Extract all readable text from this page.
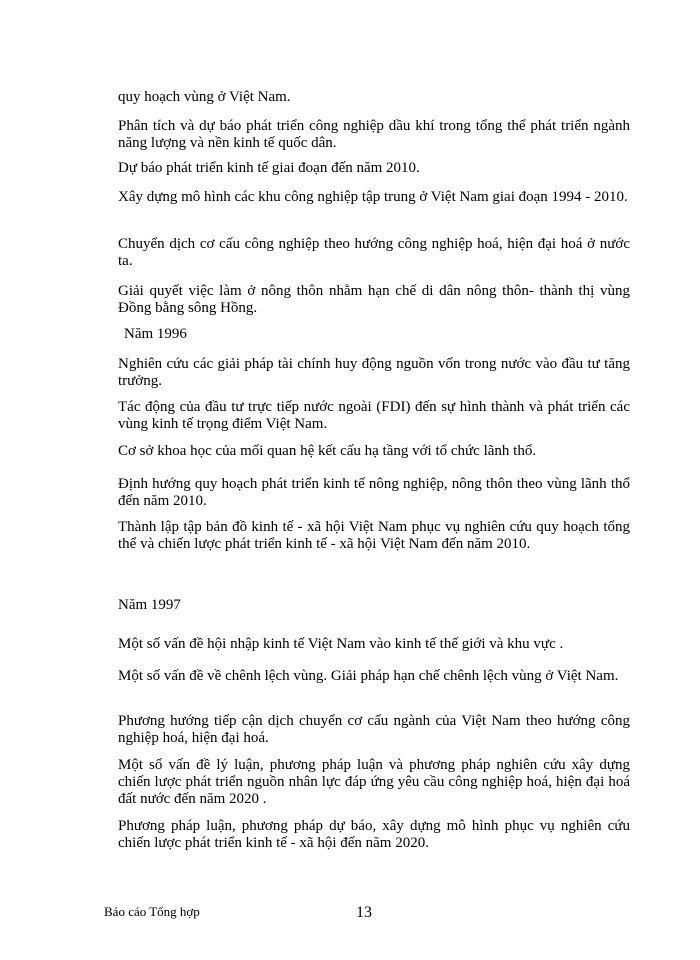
quy hoạch vùng ở Việt Nam.

Phân tích và dự báo phát triển công nghiệp dầu khí trong tổng thể phát triển ngành năng lượng và nền kinh tế quốc dân.

Dự báo phát triển kinh tế giai đoạn đến năm 2010.

Xây dựng mô hình các khu công nghiệp tập trung ở Việt Nam giai đoạn 1994 - 2010.

Chuyển dịch cơ cấu công nghiệp theo hướng công nghiệp hoá, hiện đại hoá ở nước ta.

Giải quyết việc làm ở nông thôn nhằm hạn chế di dân nông thôn- thành thị vùng Đồng bằng sông Hồng.

Năm 1996

Nghiên cứu các giải pháp tài chính huy động nguồn vốn trong nước vào đầu tư tăng trưởng.

Tác động của đầu tư trực tiếp nước ngoài (FDI) đến sự hình thành và phát triển các vùng kinh tế trọng điểm Việt Nam.

Cơ sở khoa học của mối quan hệ kết cấu hạ tầng với tổ chức lãnh thổ.

Định hướng quy hoạch phát triển kinh tế nông nghiệp, nông thôn theo vùng lãnh thổ đến năm 2010.

Thành lập tập bản đồ kinh tế - xã hội Việt Nam phục vụ nghiên cứu quy hoạch tổng thể và chiến lược phát triển kinh tế - xã hội Việt Nam đến năm 2010.

Năm 1997

Một số vấn đề hội nhập kinh tế Việt Nam vào kinh tế thế giới và khu vực .

Một số vấn đề về chênh lệch vùng. Giải pháp hạn chế chênh lệch vùng ở Việt Nam.

Phương hướng tiếp cận dịch chuyển cơ cấu ngành của Việt Nam theo hướng công nghiệp hoá, hiện đại hoá.

Một số vấn đề lý luận, phương pháp luận và phương pháp nghiên cứu xây dựng chiến lược phát triển nguồn nhân lực đáp ứng yêu cầu công nghiệp hoá, hiện đại hoá đất nước đến năm 2020 .

Phương pháp luận, phương pháp dự báo, xây dựng mô hình phục vụ nghiên cứu chiến lược phát triển kinh tế - xã hội đến năm 2020.

Báo cáo Tổng hợp	13
